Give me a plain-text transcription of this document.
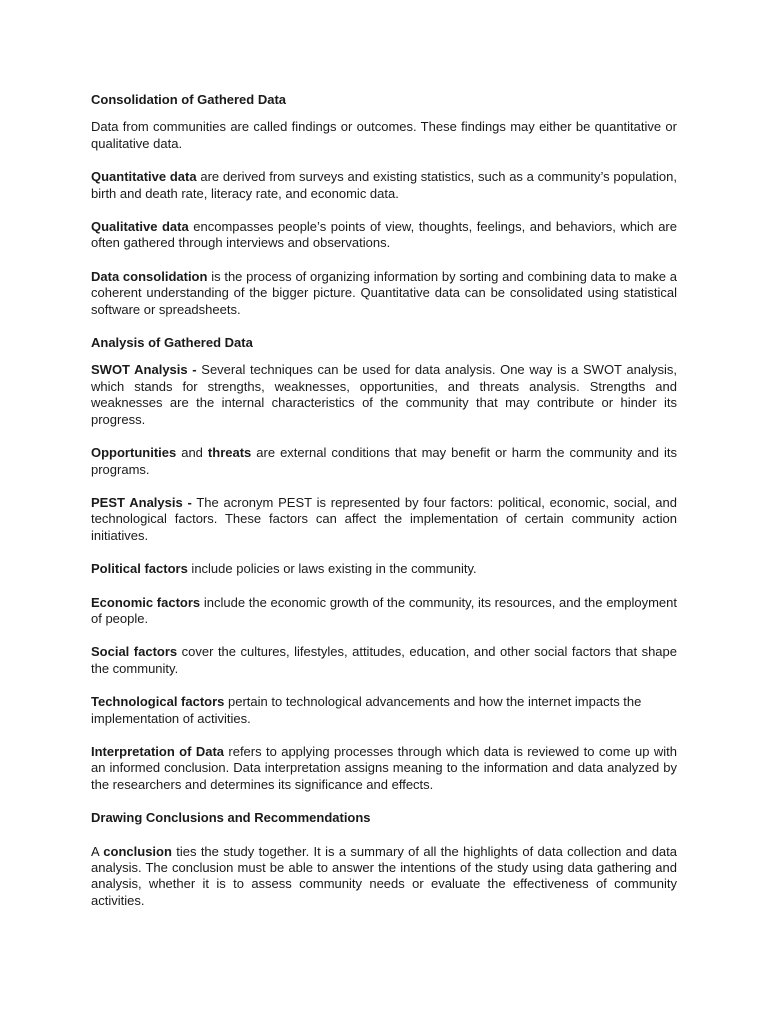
Consolidation of Gathered Data

Data from communities are called findings or outcomes. These findings may either be quantitative or qualitative data.

Quantitative data are derived from surveys and existing statistics, such as a community’s population, birth and death rate, literacy rate, and economic data.

Qualitative data encompasses people’s points of view, thoughts, feelings, and behaviors, which are often gathered through interviews and observations.

Data consolidation is the process of organizing information by sorting and combining data to make a coherent understanding of the bigger picture. Quantitative data can be consolidated using statistical software or spreadsheets.

Analysis of Gathered Data

SWOT Analysis - Several techniques can be used for data analysis. One way is a SWOT analysis, which stands for strengths, weaknesses, opportunities, and threats analysis. Strengths and weaknesses are the internal characteristics of the community that may contribute or hinder its progress.

Opportunities and threats are external conditions that may benefit or harm the community and its programs.

PEST Analysis - The acronym PEST is represented by four factors: political, economic, social, and technological factors. These factors can affect the implementation of certain community action initiatives.

Political factors include policies or laws existing in the community.

Economic factors include the economic growth of the community, its resources, and the employment of people.

Social factors cover the cultures, lifestyles, attitudes, education, and other social factors that shape the community.

Technological factors pertain to technological advancements and how the internet impacts the implementation of activities.

Interpretation of Data refers to applying processes through which data is reviewed to come up with an informed conclusion. Data interpretation assigns meaning to the information and data analyzed by the researchers and determines its significance and effects.

Drawing Conclusions and Recommendations

A conclusion ties the study together. It is a summary of all the highlights of data collection and data analysis. The conclusion must be able to answer the intentions of the study using data gathering and analysis, whether it is to assess community needs or evaluate the effectiveness of community activities.
